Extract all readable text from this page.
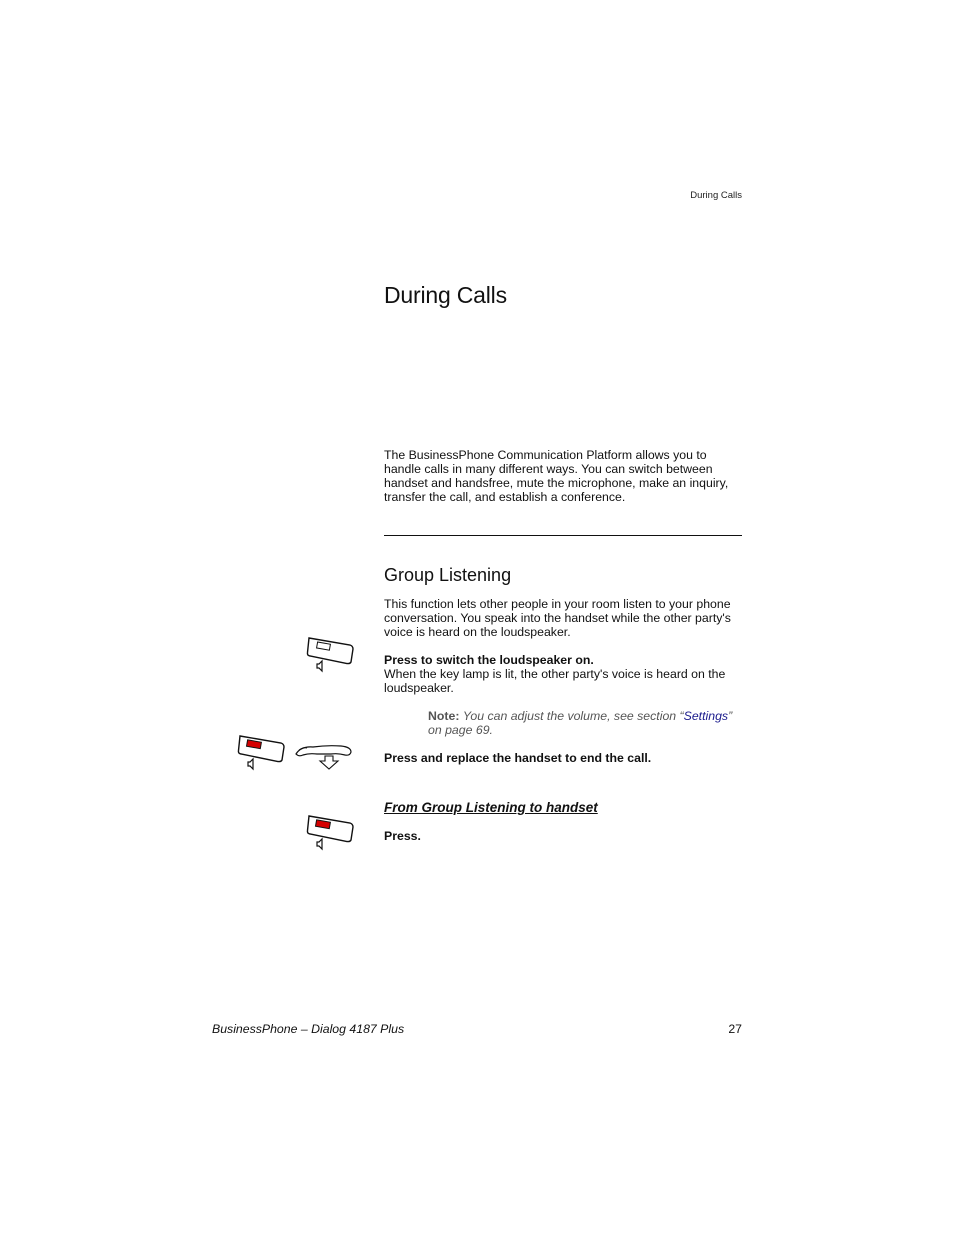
During Calls
During Calls

The BusinessPhone Communication Platform allows you to handle calls in many different ways. You can switch between handset and handsfree, mute the microphone, make an inquiry, transfer the call, and establish a conference.

Group Listening

This function lets other people in your room listen to your phone conversation. You speak into the handset while the other party's voice is heard on the loudspeaker.

Press to switch the loudspeaker on.

When the key lamp is lit, the other party's voice is heard on the loudspeaker.

Note: You can adjust the volume, see section “Settings” on page 69.

Press and replace the handset to end the call.

From Group Listening to handset

Press.

BusinessPhone – Dialog 4187 Plus	27
